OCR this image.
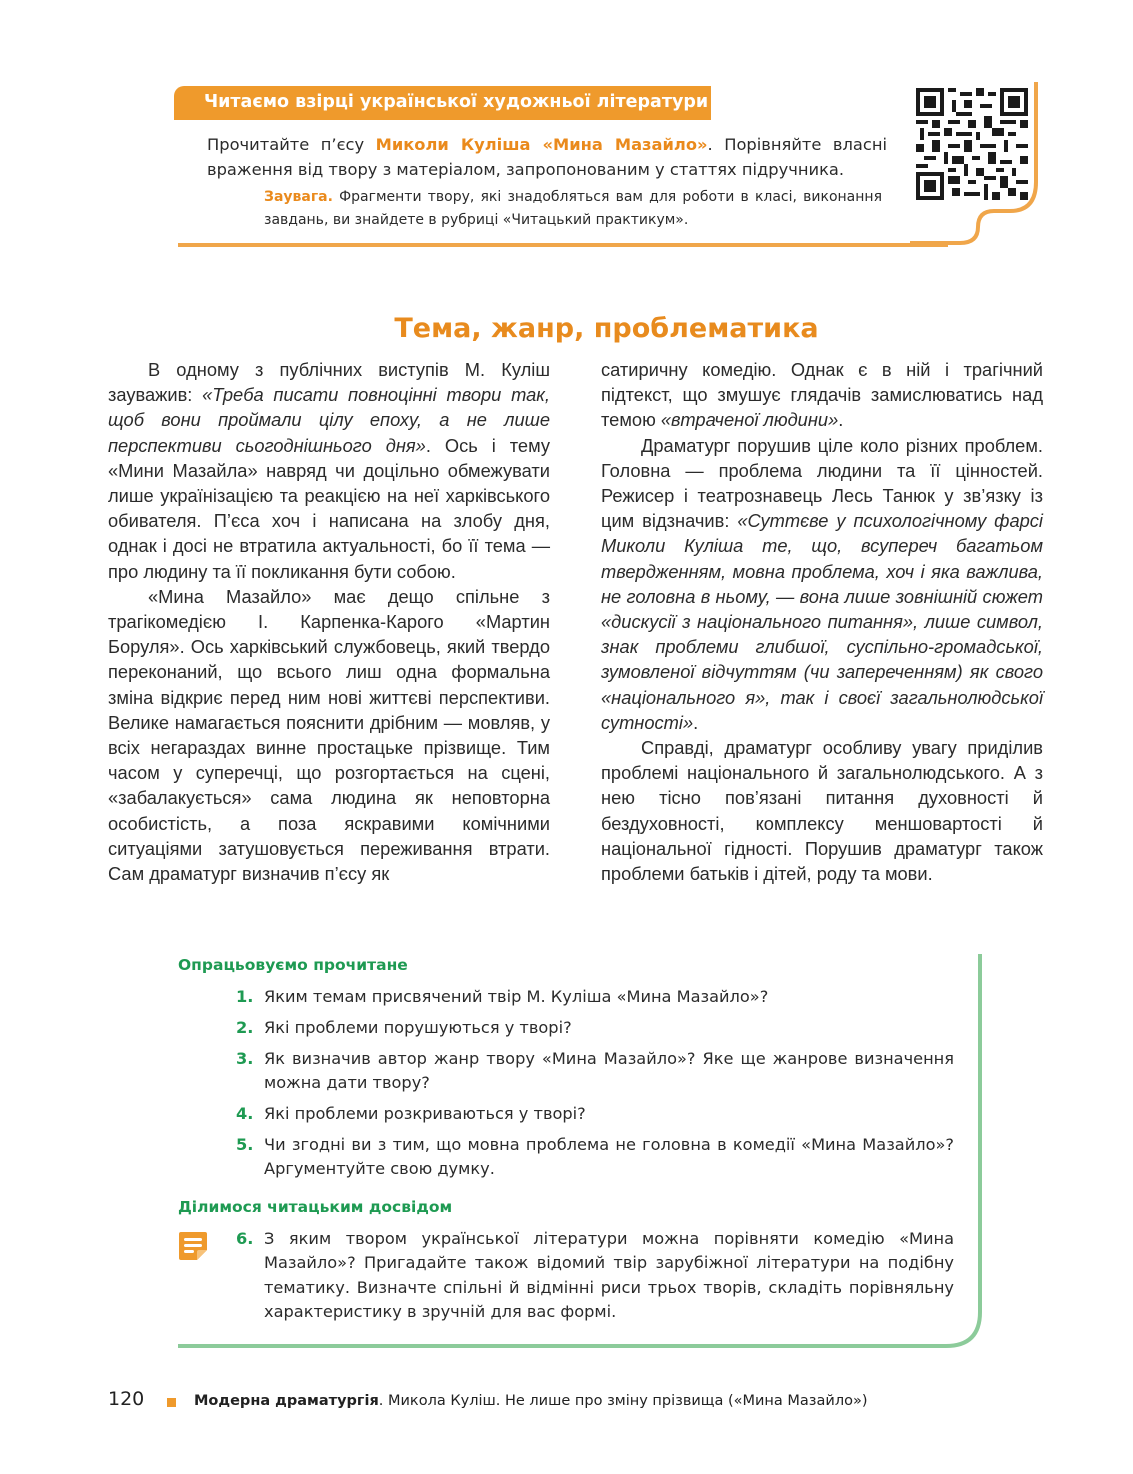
Читаємо взірці української художньої літератури
Прочитайте п’єсу Миколи Куліша «Мина Мазайло». Порівняйте власні враження від твору з матеріалом, запропонованим у статтях підручника.
Заувага. Фрагменти твору, які знадобляться вам для роботи в класі, виконання завдань, ви знайдете в рубриці «Читацький практикум».
Тема, жанр, проблематика

В одному з публічних виступів М. Куліш зауважив: «Треба писати повноцінні твори так, щоб вони проймали цілу епоху, а не лише перспективи сьогоднішнього дня». Ось і тему «Мини Мазайла» навряд чи доцільно обмежувати лише українізацією та реакцією на неї харківського обивателя. П’єса хоч і написана на злобу дня, однак і досі не втратила актуальності, бо її тема — про людину та її покликання бути собою.

«Мина Мазайло» має дещо спільне з трагікомедією І. Карпенка-Карого «Мартин Боруля». Ось харківський службовець, який твердо переконаний, що всього лиш одна формальна зміна відкриє перед ним нові життєві перспективи. Велике намагається пояснити дрібним — мовляв, у всіх негараздах винне простацьке прізвище. Тим часом у суперечці, що розгортається на сцені, «забалакується» сама людина як неповторна особистість, а поза яскравими комічними ситуаціями затушовується переживання втрати. Сам драматург визначив п’єсу як

сатиричну комедію. Однак є в ній і трагічний підтекст, що змушує глядачів замислюватись над темою «втраченої людини».

Драматург порушив ціле коло різних проблем. Головна — проблема людини та її цінностей. Режисер і театрознавець Лесь Танюк у зв’язку із цим відзначив: «Суттєве у психологічному фарсі Миколи Куліша те, що, всупереч багатьом твердженням, мовна проблема, хоч і яка важлива, не головна в ньому, — вона лише зовнішній сюжет «дискусії з національного питання», лише символ, знак проблеми глибшої, суспільно-громадської, зумовленої відчуттям (чи запереченням) як свого «національного я», так і своєї загальнолюдської сутності».

Справді, драматург особливу увагу приділив проблемі національного й загальнолюдського. А з нею тісно пов’язані питання духовності й бездуховності, комплексу меншовартості й національної гідності. Порушив драматург також проблеми батьків і дітей, роду та мови.

Опрацьовуємо прочитане
1. Яким темам присвячений твір М. Куліша «Мина Мазайло»?
2. Які проблеми порушуються у творі?
3. Як визначив автор жанр твору «Мина Мазайло»? Яке ще жанрове визначення можна дати твору?
4. Які проблеми розкриваються у творі?
5. Чи згодні ви з тим, що мовна проблема не головна в комедії «Мина Мазайло»? Аргументуйте свою думку.
Ділимося читацьким досвідом
6. З яким твором української літератури можна порівняти комедію «Мина Мазайло»? Пригадайте також відомий твір зарубіжної літератури на подібну тематику. Визначте спільні й відмінні риси трьох творів, складіть порівняльну характеристику в зручній для вас формі.
120	Модерна драматургія. Микола Куліш. Не лише про зміну прізвища («Мина Мазайло»)
